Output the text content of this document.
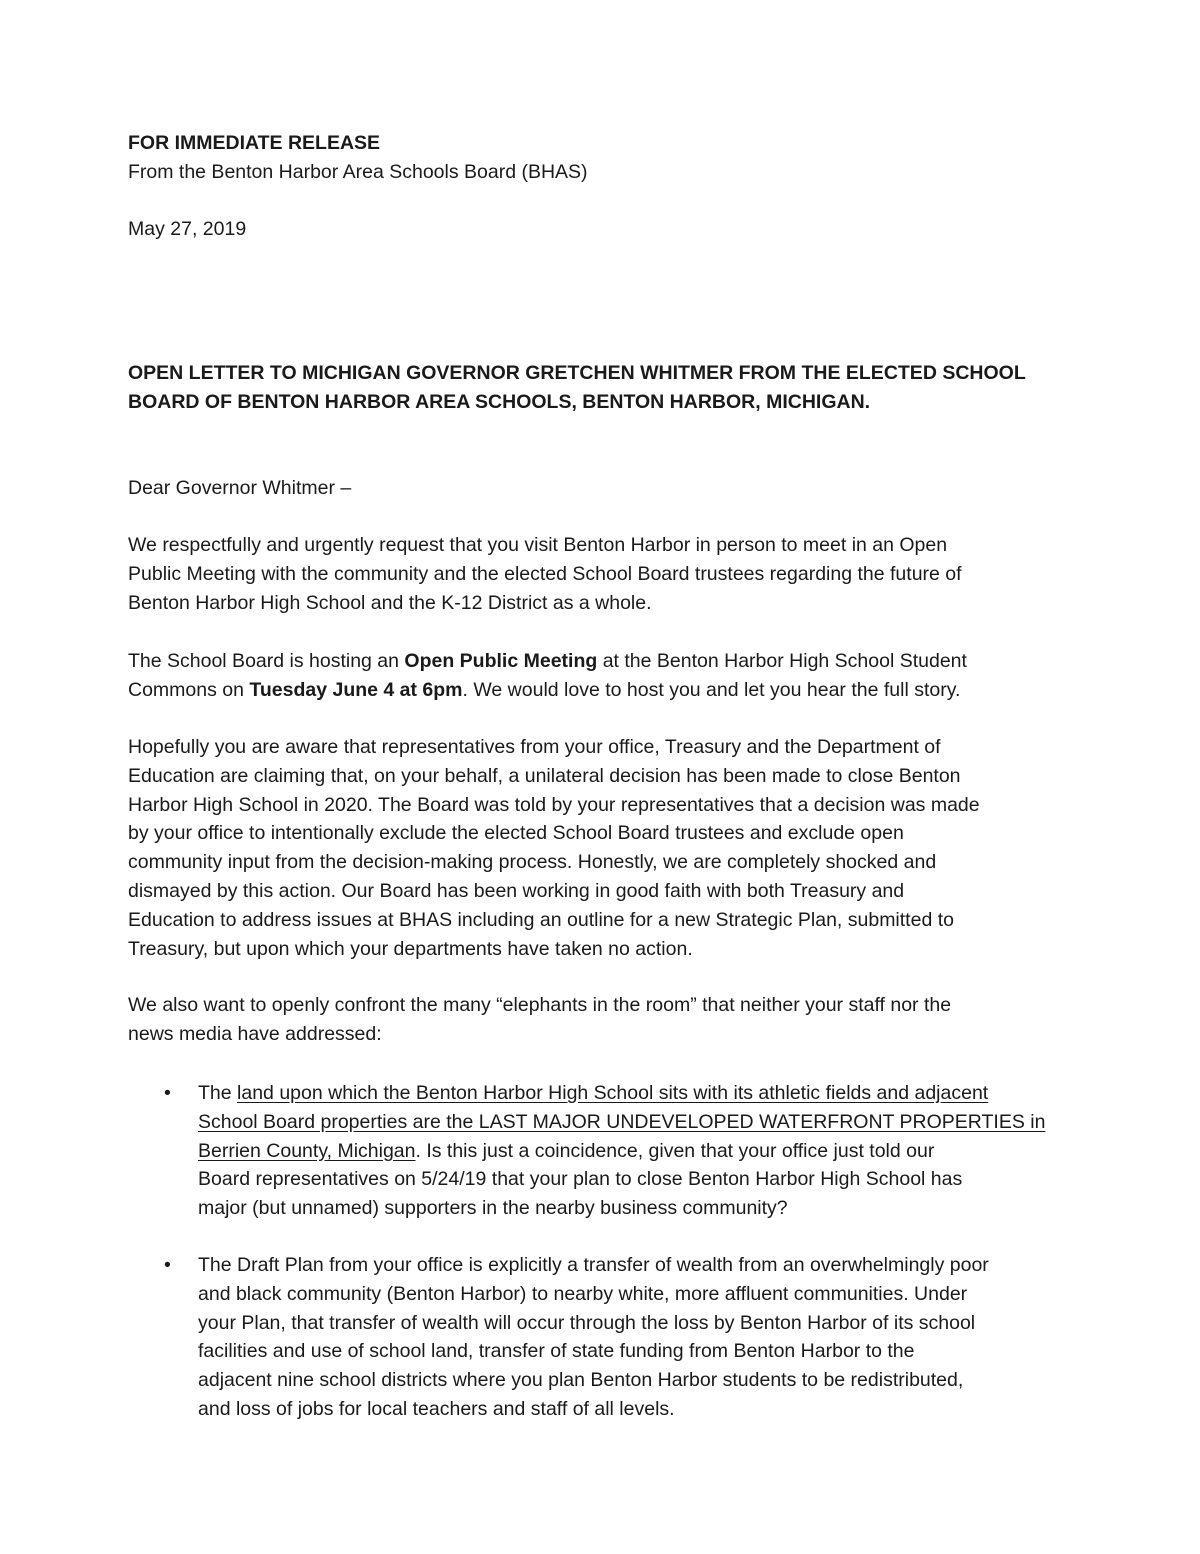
FOR IMMEDIATE RELEASE

From the Benton Harbor Area Schools Board (BHAS)

May 27, 2019

OPEN LETTER TO MICHIGAN GOVERNOR GRETCHEN WHITMER FROM THE ELECTED SCHOOL

BOARD OF BENTON HARBOR AREA SCHOOLS, BENTON HARBOR, MICHIGAN.

Dear Governor Whitmer –

We respectfully and urgently request that you visit Benton Harbor in person to meet in an Open
Public Meeting with the community and the elected School Board trustees regarding the future of
Benton Harbor High School and the K-12 District as a whole.
The School Board is hosting an Open Public Meeting at the Benton Harbor High School Student
Commons on Tuesday June 4 at 6pm. We would love to host you and let you hear the full story.
Hopefully you are aware that representatives from your office, Treasury and the Department of
Education are claiming that, on your behalf, a unilateral decision has been made to close Benton
Harbor High School in 2020. The Board was told by your representatives that a decision was made
by your office to intentionally exclude the elected School Board trustees and exclude open
community input from the decision-making process. Honestly, we are completely shocked and
dismayed by this action. Our Board has been working in good faith with both Treasury and
Education to address issues at BHAS including an outline for a new Strategic Plan, submitted to
Treasury, but upon which your departments have taken no action.
We also want to openly confront the many “elephants in the room” that neither your staff nor the
news media have addressed:
• The land upon which the Benton Harbor High School sits with its athletic fields and adjacent
School Board properties are the LAST MAJOR UNDEVELOPED WATERFRONT PROPERTIES in
Berrien County, Michigan. Is this just a coincidence, given that your office just told our
Board representatives on 5/24/19 that your plan to close Benton Harbor High School has
major (but unnamed) supporters in the nearby business community?
• The Draft Plan from your office is explicitly a transfer of wealth from an overwhelmingly poor
and black community (Benton Harbor) to nearby white, more affluent communities. Under
your Plan, that transfer of wealth will occur through the loss by Benton Harbor of its school
facilities and use of school land, transfer of state funding from Benton Harbor to the
adjacent nine school districts where you plan Benton Harbor students to be redistributed,
and loss of jobs for local teachers and staff of all levels.
